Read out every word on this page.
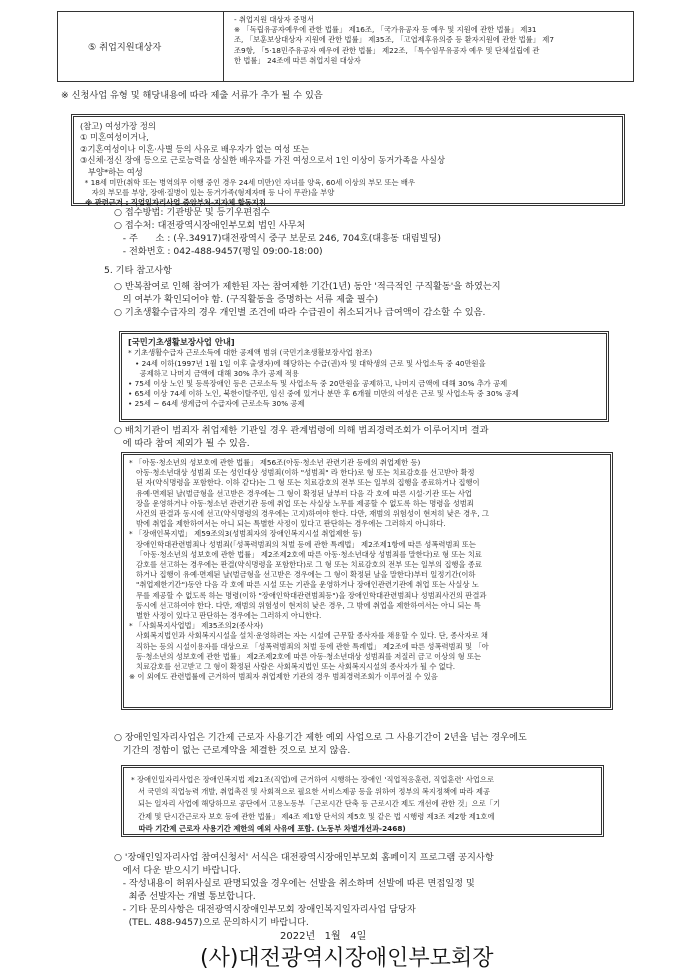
⑤ 취업지원대상자
- 취업지원 대상자 증명서
※ 「독립유공자예우에 관한 법률」 제16조, 「국가유공자 등 예우 및 지원에 관한 법률」 제31
조, 「보훈보상대상자 지원에 관한 법률」 제35조, 「고엽제후유의증 등 환자지원에 관한 법률」 제7
조9항, 「5·18민주유공자 예우에 관한 법률」 제22조, 「특수임무유공자 예우 및 단체설립에 관
한 법률」 24조에 따른 취업지원 대상자
※ 신청사업 유형 및 해당내용에 따라 제출 서류가 추가 될 수 있음
(참고) 여성가장 정의
① 미혼여성이거나,
②기혼여성이나 이혼·사별 등의 사유로 배우자가 없는 여성 또는
③신체·정신 장애 등으로 근로능력을 상실한 배우자를 가진 여성으로서 1인 이상이 동거가족을 사실상
부양*하는 여성
* 18세 미만(취학 또는 병역의무 이행 중인 경우 24세 미만)인 자녀를 양육, 60세 이상의 부모 또는 배우
자의 부모를 부양, 장애·질병이 있는 동거가족(형제자매 등 나이 무관)을 부양
※ 관련근거 : 직업일자리사업 중앙부처-지자체 합동지침
○ 접수방법: 기관방문 및 등기우편접수
○ 접수처: 대전광역시장애인부모회 법인 사무처
- 주      소 : (우.34917)대전광역시 중구 보문로 246, 704호(대흥동 대림빌딩)
- 전화번호 : 042-488-9457(평일 09:00-18:00)
5. 기타 참고사항
○ 반복참여로 인해 참여가 제한된 자는 참여제한 기간(1년) 동안 '적극적인 구직활동'을 하였는지
의 여부가 확인되어야 함. (구직활동을 증명하는 서류 제출 필수)
○ 기초생활수급자의 경우 개인별 조건에 따라 수급권이 취소되거나 급여액이 감소할 수 있음.
[국민기초생활보장사업 안내]
* 기초생활수급자 근로소득에 대한 공제액 범위 (국민기초생활보장사업 참조)
• 24세 이하(1997년 1월 1일 이후 출생자)에 해당하는 수급(권)자 및 대학생의 근로 및 사업소득 중 40만원을
공제하고 나머지 금액에 대해 30% 추가 공제 적용
• 75세 이상 노인 및 등록장애인 등은 근로소득 및 사업소득 중 20만원을 공제하고, 나머지 금액에 대해 30% 추가 공제
• 65세 이상 74세 이하 노인, 북한이탈주민, 임신 중에 있거나 분만 후 6개월 미만의 여성은 근로 및 사업소득 중 30% 공제
• 25세 ~ 64세 생계급여 수급자에 근로소득 30% 공제
○ 배치기관이 범죄자 취업제한 기관일 경우 관계법령에 의해 범죄경력조회가 이루어지며 결과
에 따라 참여 제외가 될 수 있음.
* 「아동·청소년의 성보호에 관한 법률」 제56조(아동·청소년 관련기관 등에의 취업제한 등)
아동·청소년대상 성범죄 또는 성인대상 성범죄(이하 "성범죄" 라 한다)로 형 또는 치료감호를 선고받아 확정
된 자(약식명령을 포함한다. 이하 같다)는 그 형 또는 치료감호의 전부 또는 일부의 집행을 종료하거나 집행이
유예·면제된 날(벌금형을 선고받은 경우에는 그 형이 확정된 날부터 다음 각 호에 따른 시설·기관 또는 사업
장을 운영하거나 아동·청소년 관련기관 등에 취업 또는 사실상 노무를 제공할 수 없도록 하는 명령을 성범죄
사건의 판결과 동시에 선고(약식명령의 경우에는 고지)하여야 한다. 다만, 재범의 위험성이 현저히 낮은 경우, 그
밖에 취업을 제한하여서는 아니 되는 특별한 사정이 있다고 판단하는 경우에는 그러하지 아니하다.
* 「장애인복지법」 제59조의3(성범죄자의 장애인복지시설 취업제한 등)
장애인학대관련범죄나 성범죄(「성폭력범죄의 처벌 등에 관한 특례법」 제2조제1항에 따른 성폭력범죄 또는
「아동·청소년의 성보호에 관한 법률」 제2조제2호에 따른 아동·청소년대상 성범죄를 말한다)로 형 또는 치료
감호를 선고하는 경우에는 판결(약식명령을 포함한다)로 그 형 또는 치료감호의 전부 또는 일부의 집행을 종료
하거나 집행이 유예·면제된 날(벌금형을 선고받은 경우에는 그 형이 확정된 날을 말한다)부터 일정기간(이하
"취업제한기간")동안 다음 각 호에 따른 시설 또는 기관을 운영하거나 장애인관련기관에 취업 또는 사실상 노
무를 제공할 수 없도록 하는 명령(이하 "장애인학대관련범죄등")을 장애인학대관련범죄나 성범죄사건의 판결과
동시에 선고하여야 한다. 다만, 재범의 위험성이 현저히 낮은 경우, 그 밖에 취업을 제한하여서는 아니 되는 특
별한 사정이 있다고 판단하는 경우에는 그러하지 아니한다.
* 「사회복지사업법」 제35조의2(종사자)
사회복지법인과 사회복지시설을 설치·운영하려는 자는 시설에 근무할 종사자를 채용할 수 있다. 단, 종사자로 채
직하는 등의 시설이용자를 대상으로 「성폭력범죄의 처벌 등에 관한 특례법」 제2조에 따른 성폭력범죄 및 「아
동·청소년의 성보호에 관한 법률」 제2조제2호에 따른 아동·청소년대상 성범죄를 저질러 금고 이상의 형 또는
치료감호를 선고받고 그 형이 확정된 사람은 사회복지법인 또는 사회복지시설의 종사자가 될 수 없다.
※ 이 외에도 관련법률에 근거하여 범죄자 취업제한 기관의 경우 범죄경력조회가 이루어질 수 있음
○ 장애인일자리사업은 기간제 근로자 사용기간 제한 예외 사업으로 그 사용기간이 2년을 넘는 경우에도
기간의 정함이 없는 근로계약을 체결한 것으로 보지 않음.
* 장애인일자리사업은 장애인복지법 제21조(직업)에 근거하여 시행하는 장애인 '직업적응훈련, 직업훈련' 사업으로
서 국민의 직업능력 개발, 취업촉진 및 사회적으로 필요한 서비스제공 등을 위하여 정부의 복지정책에 따라 제공
되는 일자리 사업에 해당하므로 공단에서 고용노동부 「근로시간 단축 등 근로시간 제도 개선에 관한 것」으로「기
간제 및 단시간근로자 보호 등에 관한 법률」 제4조 제1항 단서의 제5호 및 같은 법 시행령 제3조 제2항 제1호에
따라 기간제 근로자 사용기간 제한의 예외 사유에 포함. (노동부 차별개선과-2468)
○ '장애인일자리사업 참여신청서' 서식은 대전광역시장애인부모회 홈페이지 프로그램 공지사항
에서 다운 받으시기 바랍니다.
- 작성내용이 허위사실로 판명되었을 경우에는 선발을 취소하며 선발에 따른 면접일정 및
최종 선발자는 개별 통보합니다.
- 기타 문의사항은 대전광역시장애인부모회 장애인복지일자리사업 담당자
(TEL. 488-9457)으로 문의하시기 바랍니다.
2022년   1월   4일
(사)대전광역시장애인부모회장
